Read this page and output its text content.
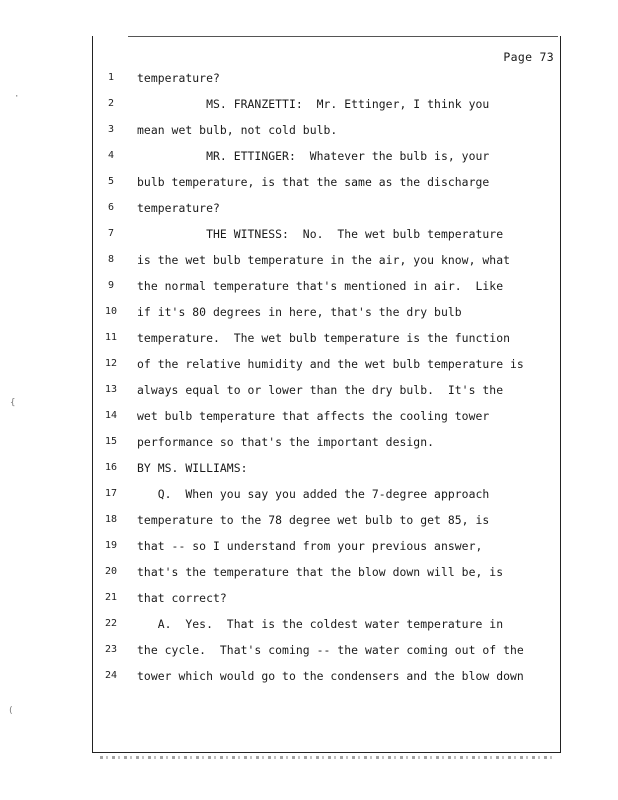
·
{
(
Page 73
1
2
3
4
5
6
7
8
9
10
11
12
13
14
15
16
17
18
19
20
21
22
23
24
temperature?
MS. FRANZETTI:  Mr. Ettinger, I think you
mean wet bulb, not cold bulb.
MR. ETTINGER:  Whatever the bulb is, your
bulb temperature, is that the same as the discharge
temperature?
THE WITNESS:  No.  The wet bulb temperature
is the wet bulb temperature in the air, you know, what
the normal temperature that's mentioned in air.  Like
if it's 80 degrees in here, that's the dry bulb
temperature.  The wet bulb temperature is the function
of the relative humidity and the wet bulb temperature is
always equal to or lower than the dry bulb.  It's the
wet bulb temperature that affects the cooling tower
performance so that's the important design.
BY MS. WILLIAMS:
Q.  When you say you added the 7-degree approach
temperature to the 78 degree wet bulb to get 85, is
that -- so I understand from your previous answer,
that's the temperature that the blow down will be, is
that correct?
A.  Yes.  That is the coldest water temperature in
the cycle.  That's coming -- the water coming out of the
tower which would go to the condensers and the blow down
